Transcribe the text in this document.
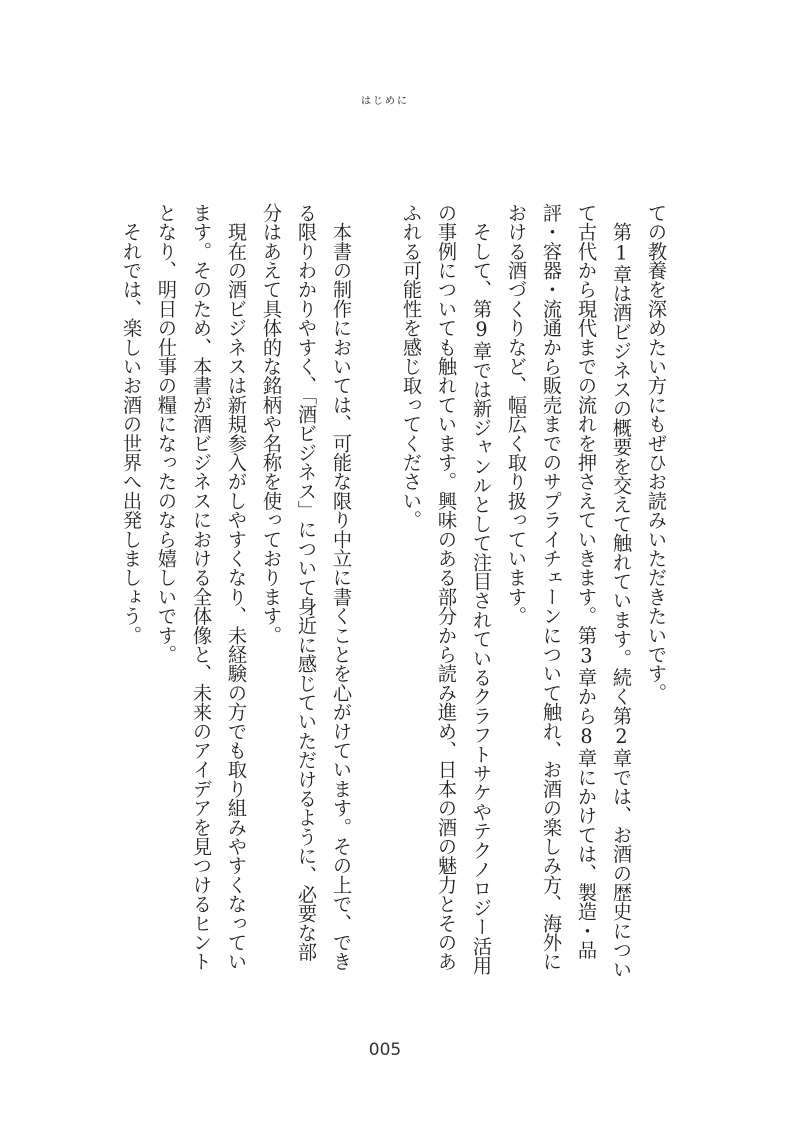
はじめに
ての教養を深めたい方にもぜひお読みいただきたいです。
　第1章は酒ビジネスの概要を交えて触れています。続く第2章では、お酒の歴史につい
て古代から現代までの流れを押さえていきます。第3章から8章にかけては、製造・品
評・容器・流通から販売までのサプライチェーンについて触れ、お酒の楽しみ方、海外に
おける酒づくりなど、幅広く取り扱っています。
　そして、第9章では新ジャンルとして注目されているクラフトサケやテクノロジー活用
の事例についても触れています。興味のある部分から読み進め、日本の酒の魅力とそのあ
ふれる可能性を感じ取ってください。
　本書の制作においては、可能な限り中立に書くことを心がけています。その上で、でき
る限りわかりやすく、「酒ビジネス」について身近に感じていただけるように、必要な部
分はあえて具体的な銘柄や名称を使っております。
　現在の酒ビジネスは新規参入がしやすくなり、未経験の方でも取り組みやすくなってい
ます。そのため、本書が酒ビジネスにおける全体像と、未来のアイデアを見つけるヒント
となり、明日の仕事の糧になったのなら嬉しいです。
　それでは、楽しいお酒の世界へ出発しましょう。
005
